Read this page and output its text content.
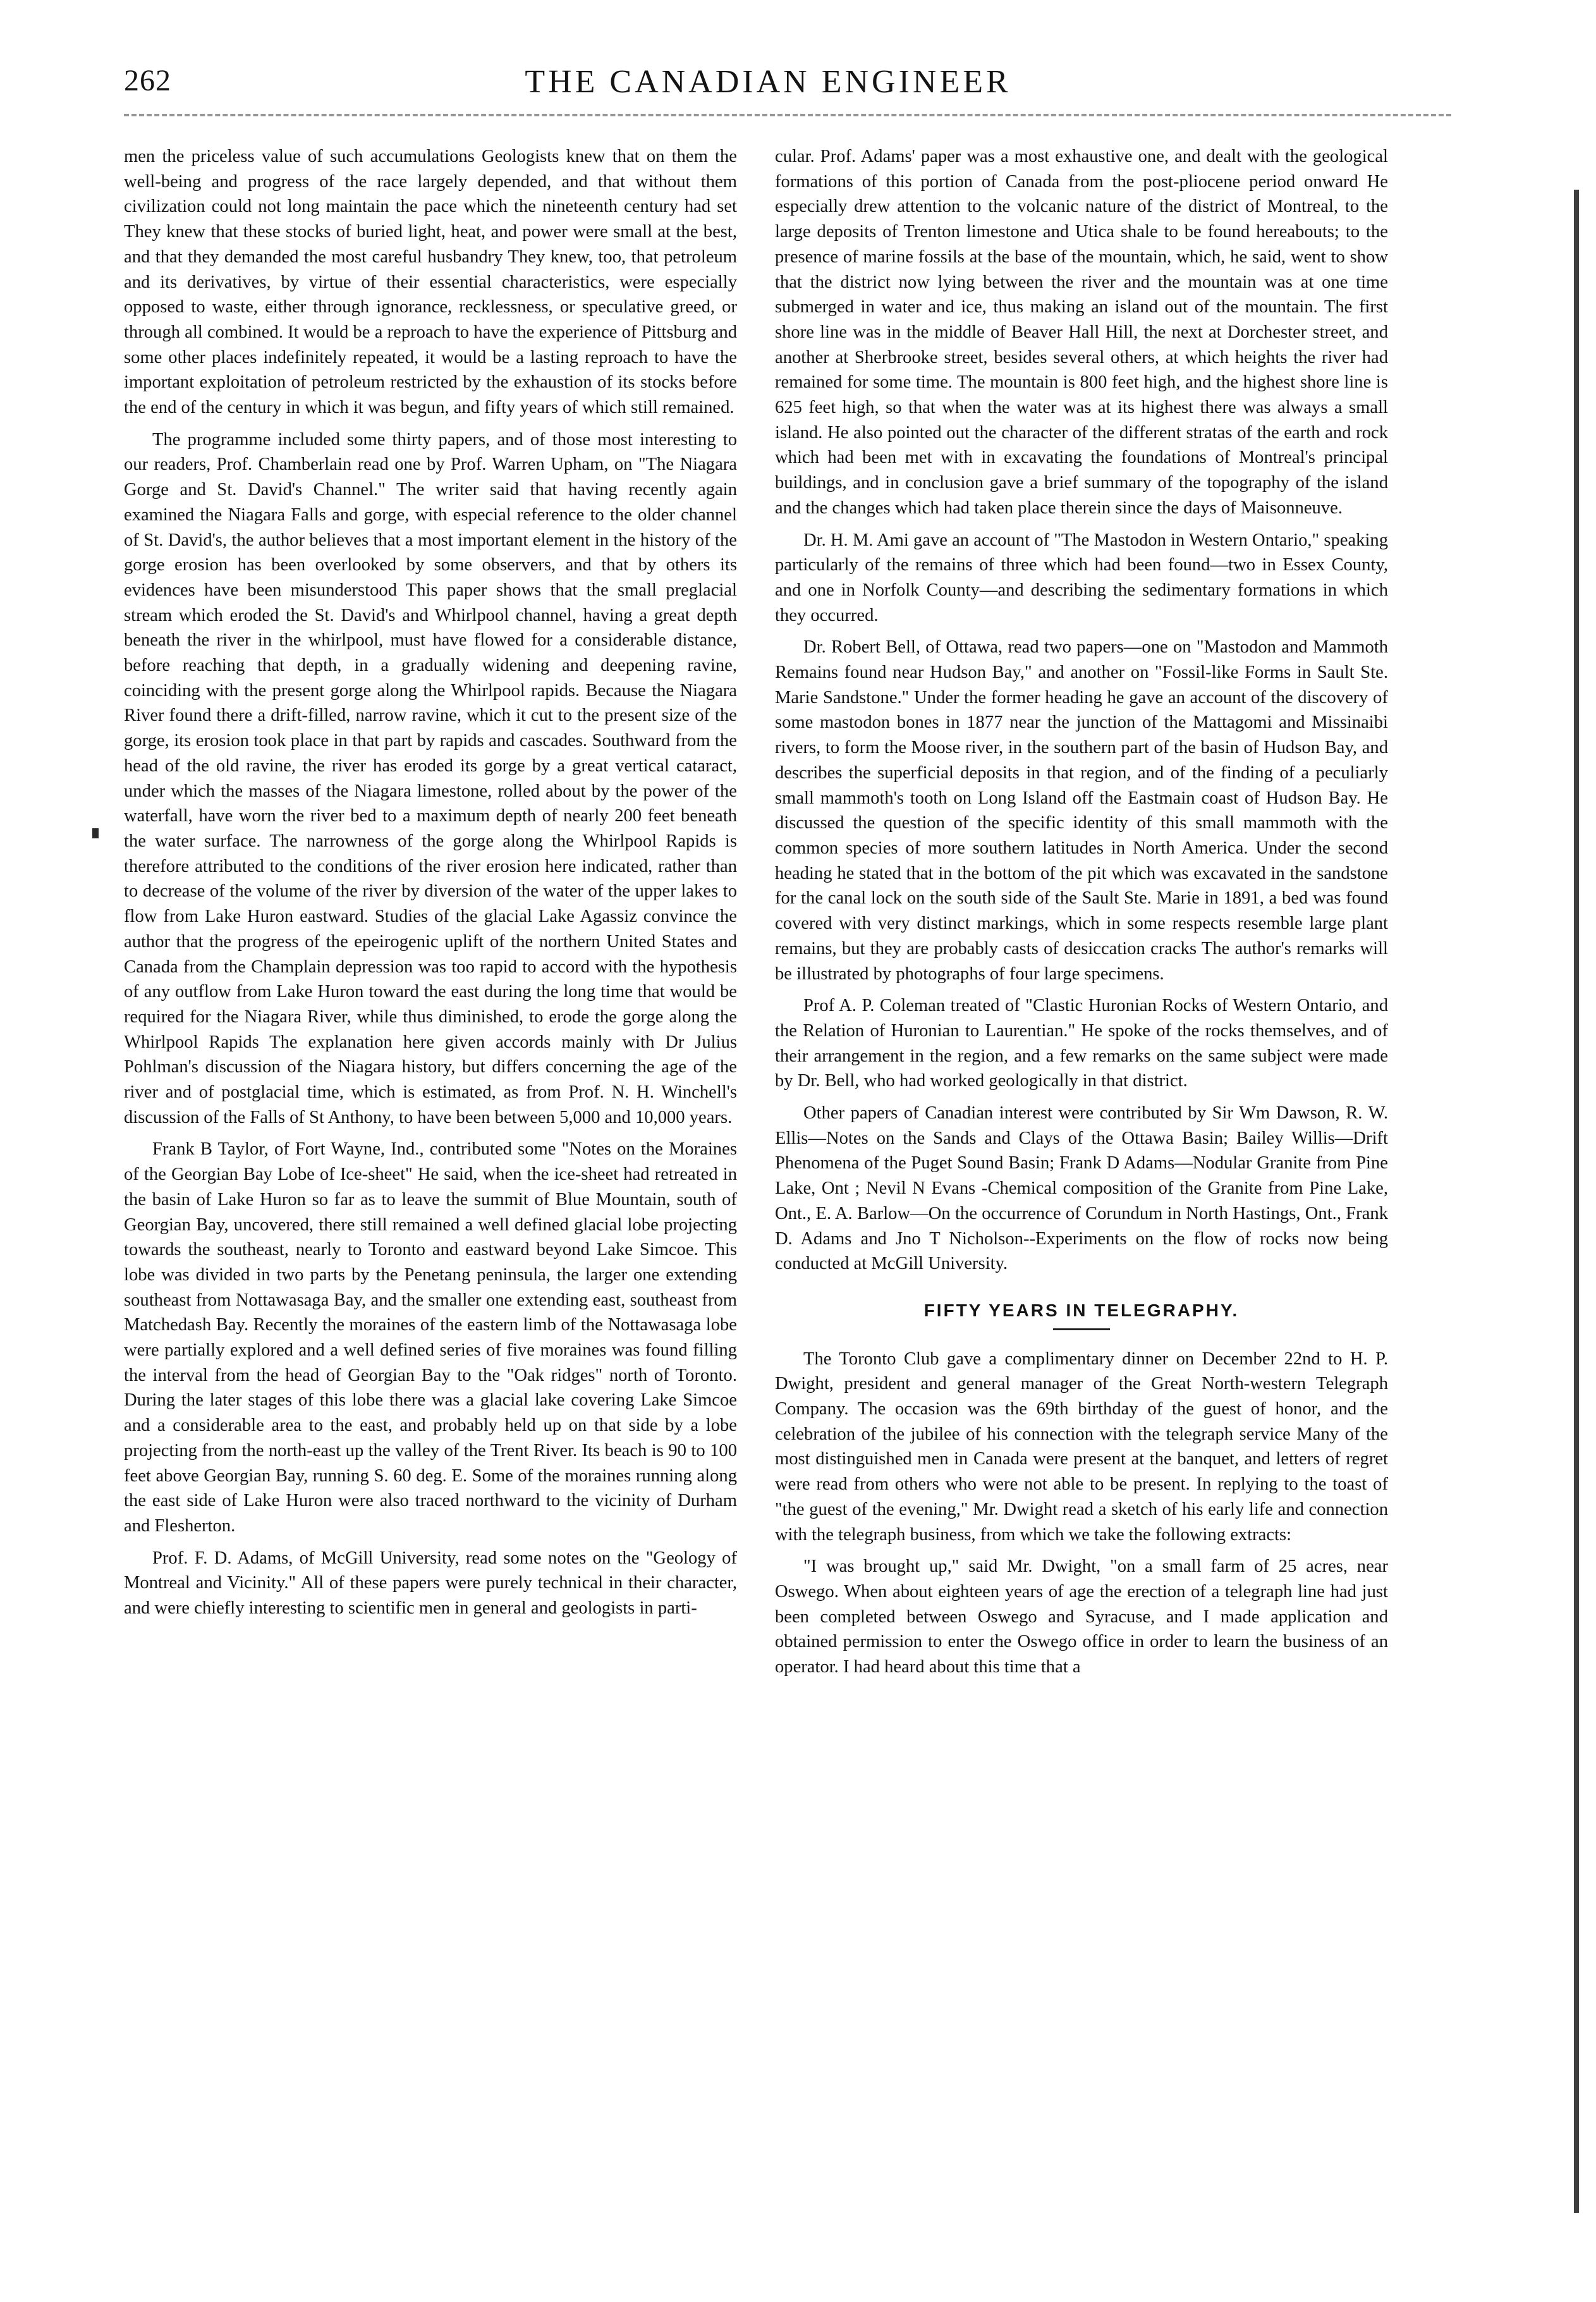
262	THE CANADIAN ENGINEER

men the priceless value of such accumulations Geologists knew that on them the well-being and progress of the race largely depended, and that without them civilization could not long maintain the pace which the nineteenth century had set They knew that these stocks of buried light, heat, and power were small at the best, and that they demanded the most careful husbandry They knew, too, that petroleum and its derivatives, by virtue of their essential characteristics, were especially opposed to waste, either through ignorance, recklessness, or speculative greed, or through all combined. It would be a reproach to have the experience of Pittsburg and some other places indefinitely repeated, it would be a lasting reproach to have the important exploitation of petroleum restricted by the exhaustion of its stocks before the end of the century in which it was begun, and fifty years of which still remained.

The programme included some thirty papers, and of those most interesting to our readers, Prof. Chamberlain read one by Prof. Warren Upham, on "The Niagara Gorge and St. David's Channel." The writer said that having recently again examined the Niagara Falls and gorge, with especial reference to the older channel of St. David's, the author believes that a most important element in the history of the gorge erosion has been overlooked by some observers, and that by others its evidences have been misunderstood This paper shows that the small preglacial stream which eroded the St. David's and Whirlpool channel, having a great depth beneath the river in the whirlpool, must have flowed for a considerable distance, before reaching that depth, in a gradually widening and deepening ravine, coinciding with the present gorge along the Whirlpool rapids. Because the Niagara River found there a drift-filled, narrow ravine, which it cut to the present size of the gorge, its erosion took place in that part by rapids and cascades. Southward from the head of the old ravine, the river has eroded its gorge by a great vertical cataract, under which the masses of the Niagara limestone, rolled about by the power of the waterfall, have worn the river bed to a maximum depth of nearly 200 feet beneath the water surface. The narrowness of the gorge along the Whirlpool Rapids is therefore attributed to the conditions of the river erosion here indicated, rather than to decrease of the volume of the river by diversion of the water of the upper lakes to flow from Lake Huron eastward. Studies of the glacial Lake Agassiz convince the author that the progress of the epeirogenic uplift of the northern United States and Canada from the Champlain depression was too rapid to accord with the hypothesis of any outflow from Lake Huron toward the east during the long time that would be required for the Niagara River, while thus diminished, to erode the gorge along the Whirlpool Rapids The explanation here given accords mainly with Dr Julius Pohlman's discussion of the Niagara history, but differs concerning the age of the river and of postglacial time, which is estimated, as from Prof. N. H. Winchell's discussion of the Falls of St Anthony, to have been between 5,000 and 10,000 years.

Frank B Taylor, of Fort Wayne, Ind., contributed some "Notes on the Moraines of the Georgian Bay Lobe of Ice-sheet" He said, when the ice-sheet had retreated in the basin of Lake Huron so far as to leave the summit of Blue Mountain, south of Georgian Bay, uncovered, there still remained a well defined glacial lobe projecting towards the southeast, nearly to Toronto and eastward beyond Lake Simcoe. This lobe was divided in two parts by the Penetang peninsula, the larger one extending southeast from Nottawasaga Bay, and the smaller one extending east, southeast from Matchedash Bay. Recently the moraines of the eastern limb of the Nottawasaga lobe were partially explored and a well defined series of five moraines was found filling the interval from the head of Georgian Bay to the "Oak ridges" north of Toronto. During the later stages of this lobe there was a glacial lake covering Lake Simcoe and a considerable area to the east, and probably held up on that side by a lobe projecting from the north-east up the valley of the Trent River. Its beach is 90 to 100 feet above Georgian Bay, running S. 60 deg. E. Some of the moraines running along the east side of Lake Huron were also traced northward to the vicinity of Durham and Flesherton.

Prof. F. D. Adams, of McGill University, read some notes on the "Geology of Montreal and Vicinity." All of these papers were purely technical in their character, and were chiefly interesting to scientific men in general and geologists in parti-

cular. Prof. Adams' paper was a most exhaustive one, and dealt with the geological formations of this portion of Canada from the post-pliocene period onward He especially drew attention to the volcanic nature of the district of Montreal, to the large deposits of Trenton limestone and Utica shale to be found hereabouts; to the presence of marine fossils at the base of the mountain, which, he said, went to show that the district now lying between the river and the mountain was at one time submerged in water and ice, thus making an island out of the mountain. The first shore line was in the middle of Beaver Hall Hill, the next at Dorchester street, and another at Sherbrooke street, besides several others, at which heights the river had remained for some time. The mountain is 800 feet high, and the highest shore line is 625 feet high, so that when the water was at its highest there was always a small island. He also pointed out the character of the different stratas of the earth and rock which had been met with in excavating the foundations of Montreal's principal buildings, and in conclusion gave a brief summary of the topography of the island and the changes which had taken place therein since the days of Maisonneuve.

Dr. H. M. Ami gave an account of "The Mastodon in Western Ontario," speaking particularly of the remains of three which had been found—two in Essex County, and one in Norfolk County—and describing the sedimentary formations in which they occurred.

Dr. Robert Bell, of Ottawa, read two papers—one on "Mastodon and Mammoth Remains found near Hudson Bay," and another on "Fossil-like Forms in Sault Ste. Marie Sandstone." Under the former heading he gave an account of the discovery of some mastodon bones in 1877 near the junction of the Mattagomi and Missinaibi rivers, to form the Moose river, in the southern part of the basin of Hudson Bay, and describes the superficial deposits in that region, and of the finding of a peculiarly small mammoth's tooth on Long Island off the Eastmain coast of Hudson Bay. He discussed the question of the specific identity of this small mammoth with the common species of more southern latitudes in North America. Under the second heading he stated that in the bottom of the pit which was excavated in the sandstone for the canal lock on the south side of the Sault Ste. Marie in 1891, a bed was found covered with very distinct markings, which in some respects resemble large plant remains, but they are probably casts of desiccation cracks The author's remarks will be illustrated by photographs of four large specimens.

Prof A. P. Coleman treated of "Clastic Huronian Rocks of Western Ontario, and the Relation of Huronian to Laurentian." He spoke of the rocks themselves, and of their arrangement in the region, and a few remarks on the same subject were made by Dr. Bell, who had worked geologically in that district.

Other papers of Canadian interest were contributed by Sir Wm Dawson, R. W. Ellis—Notes on the Sands and Clays of the Ottawa Basin; Bailey Willis—Drift Phenomena of the Puget Sound Basin; Frank D Adams—Nodular Granite from Pine Lake, Ont ; Nevil N Evans -Chemical composition of the Granite from Pine Lake, Ont., E. A. Barlow—On the occurrence of Corundum in North Hastings, Ont., Frank D. Adams and Jno T Nicholson--Experiments on the flow of rocks now being conducted at McGill University.

FIFTY YEARS IN TELEGRAPHY.

The Toronto Club gave a complimentary dinner on December 22nd to H. P. Dwight, president and general manager of the Great North-western Telegraph Company. The occasion was the 69th birthday of the guest of honor, and the celebration of the jubilee of his connection with the telegraph service Many of the most distinguished men in Canada were present at the banquet, and letters of regret were read from others who were not able to be present. In replying to the toast of "the guest of the evening," Mr. Dwight read a sketch of his early life and connection with the telegraph business, from which we take the following extracts:

"I was brought up," said Mr. Dwight, "on a small farm of 25 acres, near Oswego. When about eighteen years of age the erection of a telegraph line had just been completed between Oswego and Syracuse, and I made application and obtained permission to enter the Oswego office in order to learn the business of an operator. I had heard about this time that a
